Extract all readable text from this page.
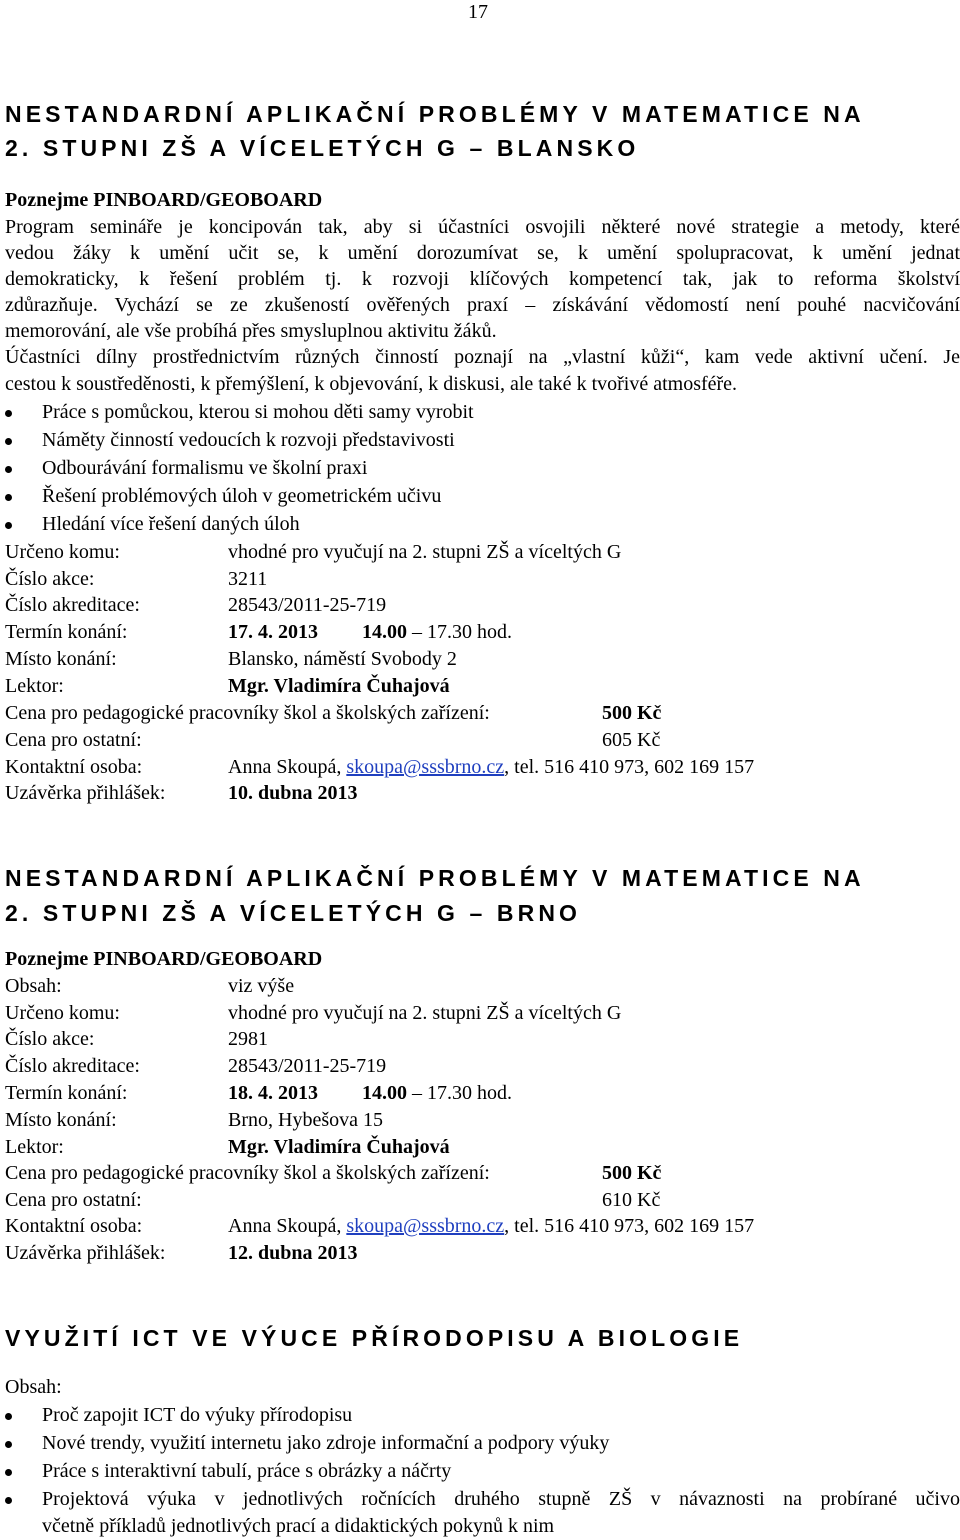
17
NESTANDARDNÍ APLIKAČNÍ PROBLÉMY V MATEMATICE NA
2. STUPNI ZŠ A VÍCELETÝCH G – BLANSKO
Poznejme PINBOARD/GEOBOARD
Program semináře je koncipován tak, aby si účastníci osvojili některé nové strategie a metody, které
vedou žáky k umění učit se, k umění dorozumívat se, k umění spolupracovat, k umění jednat
demokraticky, k řešení problém tj. k rozvoji klíčových kompetencí tak, jak to reforma školství
zdůrazňuje. Vychází se ze zkušeností ověřených praxí – získávání vědomostí není pouhé nacvičování
memorování, ale vše probíhá přes smysluplnou aktivitu žáků.
Účastníci dílny prostřednictvím různých činností poznají na „vlastní kůži“, kam vede aktivní učení. Je
cestou k soustředěnosti, k přemýšlení, k objevování, k diskusi, ale také k tvořivé atmosféře.
Práce s pomůckou, kterou si mohou děti samy vyrobit
Náměty činností vedoucích k rozvoji představivosti
Odbourávání formalismu ve školní praxi
Řešení problémových úloh v geometrickém učivu
Hledání více řešení daných úloh
Určeno komu:	vhodné pro vyučují na 2. stupni ZŠ a víceltých G
Číslo akce:	3211
Číslo akreditace:	28543/2011-25-719
Termín konání:	17. 4. 2013 14.00 – 17.30 hod.
Místo konání:	Blansko, náměstí Svobody 2
Lektor:	Mgr. Vladimíra Čuhajová
Cena pro pedagogické pracovníky škol a školských zařízení:	500 Kč
Cena pro ostatní:	605 Kč
Kontaktní osoba:	Anna Skoupá, skoupa@sssbrno.cz, tel. 516 410 973, 602 169 157
Uzávěrka přihlášek:	10. dubna 2013
NESTANDARDNÍ APLIKAČNÍ PROBLÉMY V MATEMATICE NA
2. STUPNI ZŠ A VÍCELETÝCH G – BRNO
Poznejme PINBOARD/GEOBOARD
Obsah:	viz výše
Určeno komu:	vhodné pro vyučují na 2. stupni ZŠ a víceltých G
Číslo akce:	2981
Číslo akreditace:	28543/2011-25-719
Termín konání:	18. 4. 2013 14.00 – 17.30 hod.
Místo konání:	Brno, Hybešova 15
Lektor:	Mgr. Vladimíra Čuhajová
Cena pro pedagogické pracovníky škol a školských zařízení:	500 Kč
Cena pro ostatní:	610 Kč
Kontaktní osoba:	Anna Skoupá, skoupa@sssbrno.cz, tel. 516 410 973, 602 169 157
Uzávěrka přihlášek:	12. dubna 2013
VYUŽITÍ ICT VE VÝUCE PŘÍRODOPISU A BIOLOGIE
Obsah:
Proč zapojit ICT do výuky přírodopisu
Nové trendy, využití internetu jako zdroje informační a podpory výuky
Práce s interaktivní tabulí, práce s obrázky a náčrty
Projektová výuka v jednotlivých ročnících druhého stupně ZŠ v návaznosti na probírané učivo
včetně příkladů jednotlivých prací a didaktických pokynů k nim
